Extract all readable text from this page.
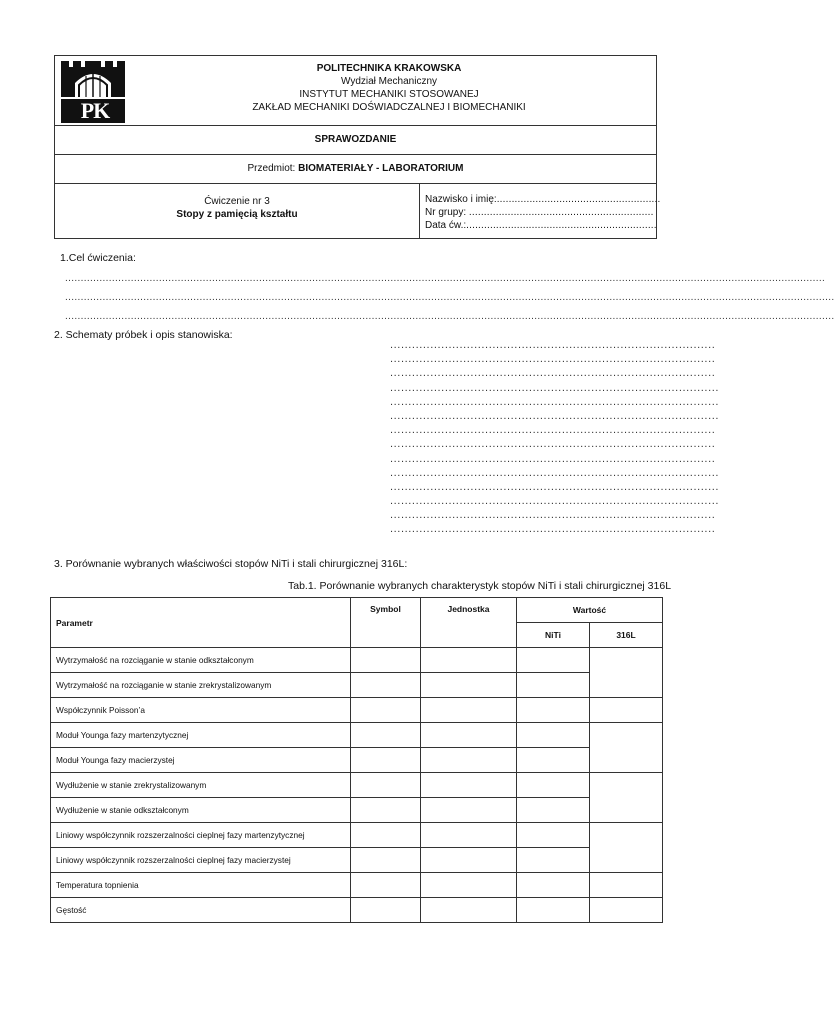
PK
POLITECHNIKA KRAKOWSKA
Wydział Mechaniczny
INSTYTUT MECHANIKI STOSOWANEJ
ZAKŁAD MECHANIKI DOŚWIADCZALNEJ I BIOMECHANIKI
SPRAWOZDANIE
Przedmiot: BIOMATERIAŁY - LABORATORIUM
Ćwiczenie nr 3
Stopy z pamięcią kształtu
Nazwisko i imię:.......................................................
Nr grupy: ..............................................................
Data ćw.:................................................................
1.Cel ćwiczenia:
...................................................................................................................................................................................................................................................
......................................................................................................................................................................................................................................................
......................................................................................................................................................................................................................................................
2. Schematy próbek i opis stanowiska:
.........................................................................................
.........................................................................................
.........................................................................................
..........................................................................................
..........................................................................................
..........................................................................................
.........................................................................................
.........................................................................................
.........................................................................................
..........................................................................................
..........................................................................................
..........................................................................................
.........................................................................................
.........................................................................................
3. Porównanie wybranych właściwości stopów NiTi i stali chirurgicznej 316L:
Tab.1. Porównanie wybranych charakterystyk stopów NiTi i stali chirurgicznej 316L
Parametr	Symbol	Jednostka	Wartość	
			NiTi	316L
Wytrzymałość na rozciąganie w stanie odkształconym				
Wytrzymałość na rozciąganie w stanie zrekrystalizowanym				
Współczynnik Poisson’a				
Moduł Younga fazy martenzytycznej				
Moduł Younga fazy macierzystej				
Wydłużenie w stanie zrekrystalizowanym				
Wydłużenie w stanie odkształconym				
Liniowy współczynnik rozszerzalności cieplnej fazy martenzytycznej				
Liniowy współczynnik rozszerzalności cieplnej fazy macierzystej				
Temperatura topnienia				
Gęstość				
